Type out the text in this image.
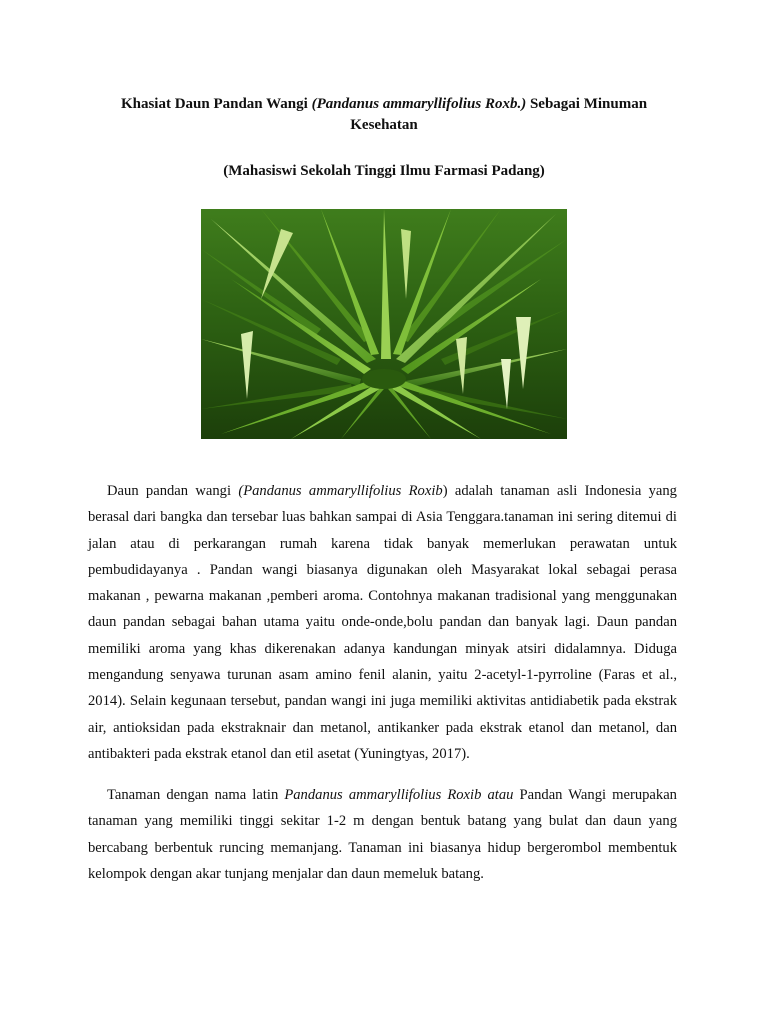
Khasiat Daun Pandan Wangi (Pandanus ammaryllifolius Roxb.) Sebagai Minuman Kesehatan

(Mahasiswi Sekolah Tinggi Ilmu Farmasi Padang)

Daun pandan wangi (Pandanus ammaryllifolius Roxib) adalah tanaman asli Indonesia yang berasal dari bangka dan tersebar luas bahkan sampai di Asia Tenggara.tanaman ini sering ditemui di jalan atau di perkarangan rumah karena tidak banyak memerlukan perawatan untuk pembudidayanya . Pandan wangi biasanya digunakan oleh Masyarakat lokal sebagai perasa makanan , pewarna makanan ,pemberi aroma. Contohnya makanan tradisional yang menggunakan daun pandan sebagai bahan utama yaitu onde-onde,bolu pandan dan banyak lagi. Daun pandan memiliki aroma yang khas dikerenakan adanya kandungan minyak atsiri didalamnya. Diduga mengandung senyawa turunan asam amino fenil alanin, yaitu 2-acetyl-1-pyrroline (Faras et al., 2014). Selain kegunaan tersebut, pandan wangi ini juga memiliki aktivitas antidiabetik pada ekstrak air, antioksidan pada ekstraknair dan metanol, antikanker pada ekstrak etanol dan metanol, dan antibakteri pada ekstrak etanol dan etil asetat (Yuningtyas, 2017).

Tanaman dengan nama latin Pandanus ammaryllifolius Roxib atau Pandan Wangi merupakan tanaman yang memiliki tinggi sekitar 1-2 m dengan bentuk batang yang bulat dan daun yang bercabang berbentuk runcing memanjang. Tanaman ini biasanya hidup bergerombol membentuk kelompok dengan akar tunjang menjalar dan daun memeluk batang.
